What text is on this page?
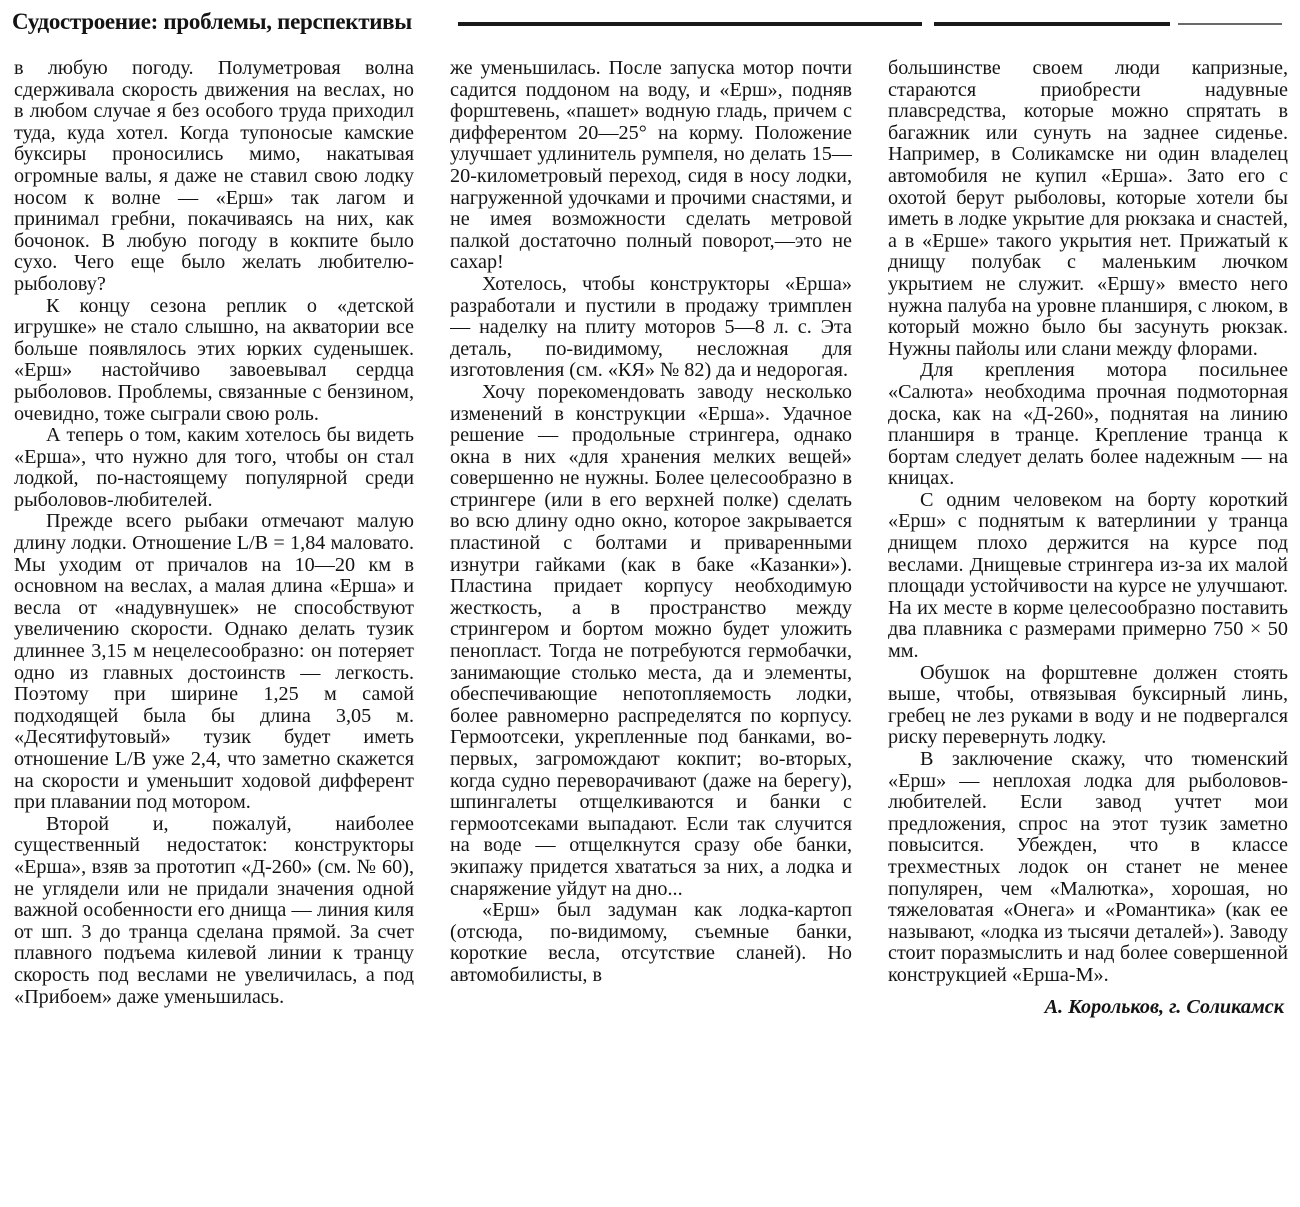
Судостроение: проблемы, перспективы

в любую погоду. Полуметровая волна сдерживала скорость движения на веслах, но в любом случае я без особого труда приходил туда, куда хотел. Когда тупоносые камские буксиры проносились мимо, накатывая огромные валы, я даже не ставил свою лодку носом к волне — «Ерш» так лагом и принимал гребни, покачиваясь на них, как бочонок. В любую погоду в кокпите было сухо. Чего еще было желать любителю-рыболову?

К концу сезона реплик о «детской игрушке» не стало слышно, на акватории все больше появлялось этих юрких суденышек. «Ерш» настойчиво завоевывал сердца рыболовов. Проблемы, связанные с бензином, очевидно, тоже сыграли свою роль.

А теперь о том, каким хотелось бы видеть «Ерша», что нужно для того, чтобы он стал лодкой, по-настоящему популярной среди рыболовов-любителей.

Прежде всего рыбаки отмечают малую длину лодки. Отношение L/B = 1,84 маловато. Мы уходим от причалов на 10—20 км в основном на веслах, а малая длина «Ерша» и весла от «надувнушек» не способствуют увеличению скорости. Однако делать тузик длиннее 3,15 м нецелесообразно: он потеряет одно из главных достоинств — легкость. Поэтому при ширине 1,25 м самой подходящей была бы длина 3,05 м. «Десятифутовый» тузик будет иметь отношение L/B уже 2,4, что заметно скажется на скорости и уменьшит ходовой дифферент при плавании под мотором.

Второй и, пожалуй, наиболее существенный недостаток: конструкторы «Ерша», взяв за прототип «Д-260» (см. № 60), не углядели или не придали значения одной важной особенности его днища — линия киля от шп. 3 до транца сделана прямой. За счет плавного подъема килевой линии к транцу скорость под веслами не увеличилась, а под «Прибоем» даже уменьшилась.

же уменьшилась. После запуска мотор почти садится поддоном на воду, и «Ерш», подняв форштевень, «пашет» водную гладь, причем с дифферентом 20—25° на корму. Положение улучшает удлинитель румпеля, но делать 15—20-километровый переход, сидя в носу лодки, нагруженной удочками и прочими снастями, и не имея возможности сделать метровой палкой достаточно полный поворот,—это не сахар!

Хотелось, чтобы конструкторы «Ерша» разработали и пустили в продажу тримплен — наделку на плиту моторов 5—8 л. с. Эта деталь, по-видимому, несложная для изготовления (см. «КЯ» № 82) да и недорогая.

Хочу порекомендовать заводу несколько изменений в конструкции «Ерша». Удачное решение — продольные стрингера, однако окна в них «для хранения мелких вещей» совершенно не нужны. Более целесообразно в стрингере (или в его верхней полке) сделать во всю длину одно окно, которое закрывается пластиной с болтами и приваренными изнутри гайками (как в баке «Казанки»). Пластина придает корпусу необходимую жесткость, а в пространство между стрингером и бортом можно будет уложить пенопласт. Тогда не потребуются гермобачки, занимающие столько места, да и элементы, обеспечивающие непотопляемость лодки, более равномерно распределятся по корпусу. Гермоотсеки, укрепленные под банками, во-первых, загромождают кокпит; во-вторых, когда судно переворачивают (даже на берегу), шпингалеты отщелкиваются и банки с гермоотсеками выпадают. Если так случится на воде — отщелкнутся сразу обе банки, экипажу придется хвататься за них, а лодка и снаряжение уйдут на дно...

«Ерш» был задуман как лодка-картоп (отсюда, по-видимому, съемные банки, короткие весла, отсутствие сланей). Но автомобилисты, в

большинстве своем люди капризные, стараются приобрести надувные плавсредства, которые можно спрятать в багажник или сунуть на заднее сиденье. Например, в Соликамске ни один владелец автомобиля не купил «Ерша». Зато его с охотой берут рыболовы, которые хотели бы иметь в лодке укрытие для рюкзака и снастей, а в «Ерше» такого укрытия нет. Прижатый к днищу полубак с маленьким лючком укрытием не служит. «Ершу» вместо него нужна палуба на уровне планширя, с люком, в который можно было бы засунуть рюкзак. Нужны пайолы или слани между флорами.

Для крепления мотора посильнее «Салюта» необходима прочная подмоторная доска, как на «Д-260», поднятая на линию планширя в транце. Крепление транца к бортам следует делать более надежным — на кницах.

С одним человеком на борту короткий «Ерш» с поднятым к ватерлинии у транца днищем плохо держится на курсе под веслами. Днищевые стрингера из-за их малой площади устойчивости на курсе не улучшают. На их месте в корме целесообразно поставить два плавника с размерами примерно 750 × 50 мм.

Обушок на форштевне должен стоять выше, чтобы, отвязывая буксирный линь, гребец не лез руками в воду и не подвергался риску перевернуть лодку.

В заключение скажу, что тюменский «Ерш» — неплохая лодка для рыболовов-любителей. Если завод учтет мои предложения, спрос на этот тузик заметно повысится. Убежден, что в классе трехместных лодок он станет не менее популярен, чем «Малютка», хорошая, но тяжеловатая «Онега» и «Романтика» (как ее называют, «лодка из тысячи деталей»). Заводу стоит поразмыслить и над более совершенной конструкцией «Ерша-М».

А. Корольков, г. Соликамск
